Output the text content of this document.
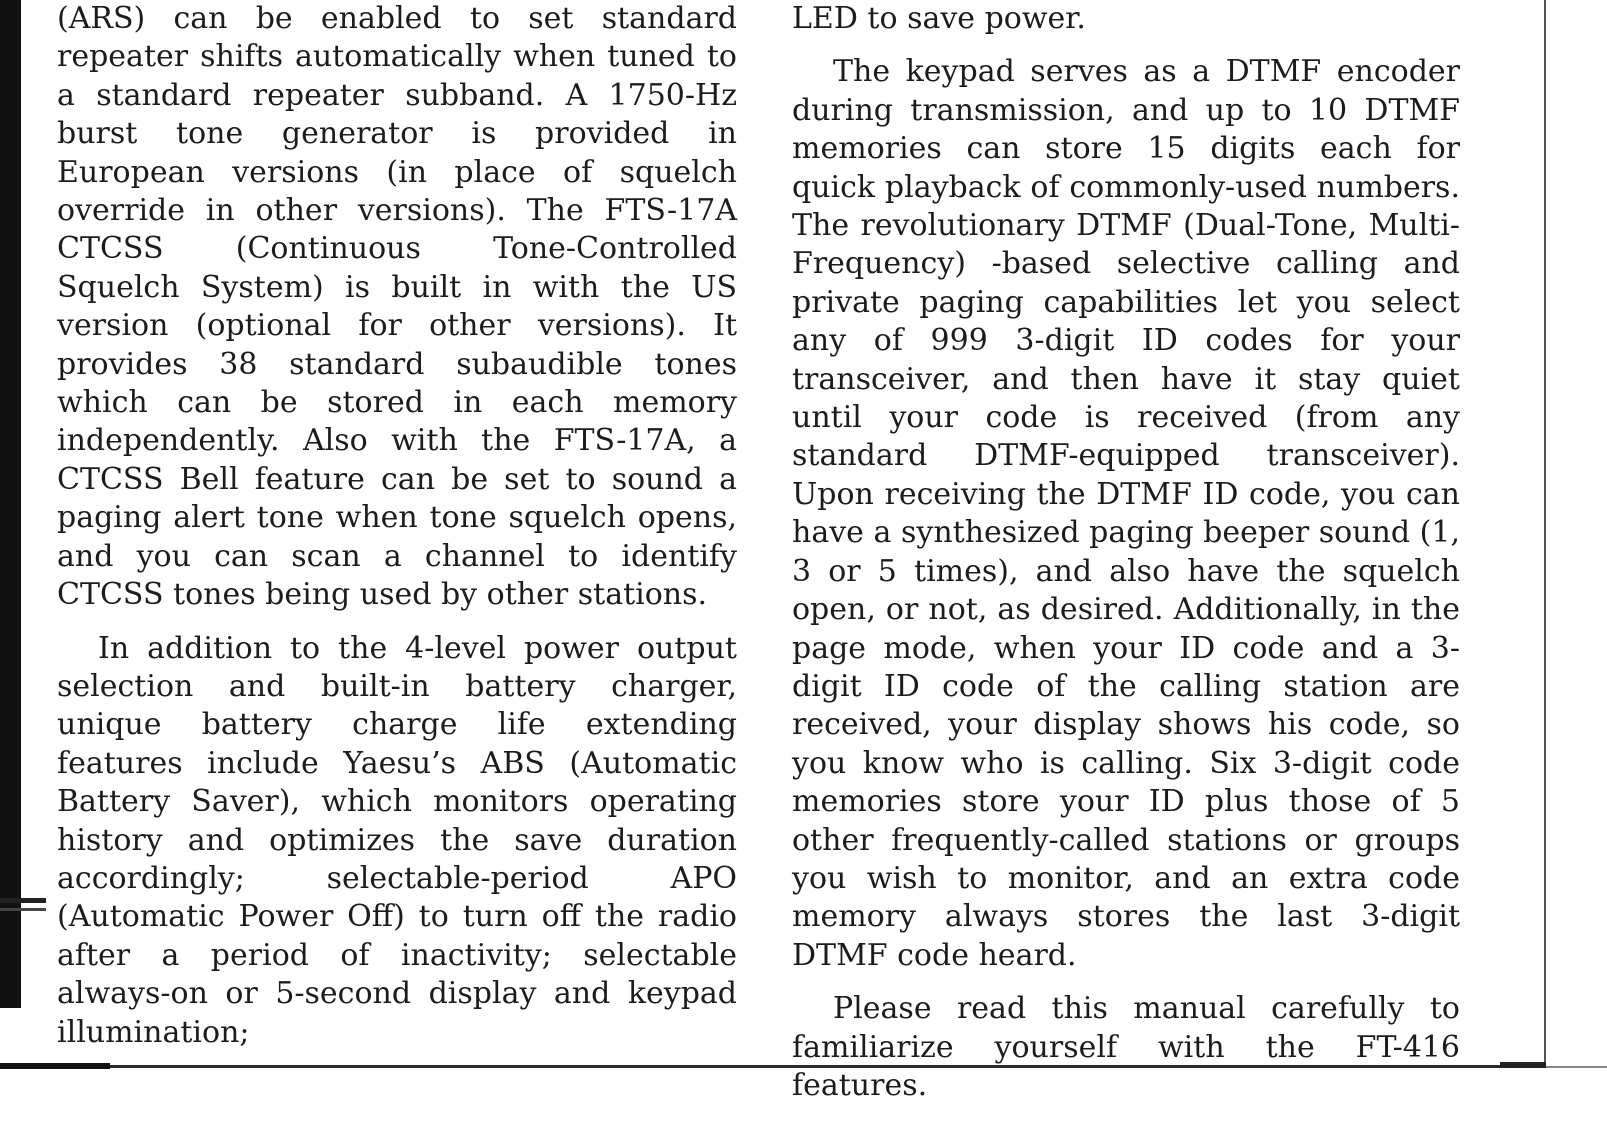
(ARS) can be enabled to set standard repeater shifts automatically when tuned to a standard repeater subband. A 1750-Hz burst tone generator is provided in European versions (in place of squelch override in other versions). The FTS-17A CTCSS (Continuous Tone-Controlled Squelch System) is built in with the US version (optional for other versions). It provides 38 standard subaudible tones which can be stored in each memory independently. Also with the FTS-17A, a CTCSS Bell feature can be set to sound a paging alert tone when tone squelch opens, and you can scan a channel to identify CTCSS tones being used by other stations.

In addition to the 4-level power output selection and built-in battery charger, unique battery charge life extending features include Yaesu’s ABS (Automatic Battery Saver), which monitors operating history and optimizes the save duration accordingly; selectable-period APO (Automatic Power Off) to turn off the radio after a period of inactivity; selectable always-on or 5-second display and keypad illumination;

LED to save power.

The keypad serves as a DTMF encoder during transmission, and up to 10 DTMF memories can store 15 digits each for quick playback of commonly-used numbers. The revolutionary DTMF (Dual-Tone, Multi-Frequency) -based selective calling and private paging capabilities let you select any of 999 3-digit ID codes for your transceiver, and then have it stay quiet until your code is received (from any standard DTMF-equipped transceiver). Upon receiving the DTMF ID code, you can have a synthesized paging beeper sound (1, 3 or 5 times), and also have the squelch open, or not, as desired. Additionally, in the page mode, when your ID code and a 3-digit ID code of the calling station are received, your display shows his code, so you know who is calling. Six 3-digit code memories store your ID plus those of 5 other frequently-called stations or groups you wish to monitor, and an extra code memory always stores the last 3-digit DTMF code heard.

Please read this manual carefully to familiarize yourself with the FT-416 features.
